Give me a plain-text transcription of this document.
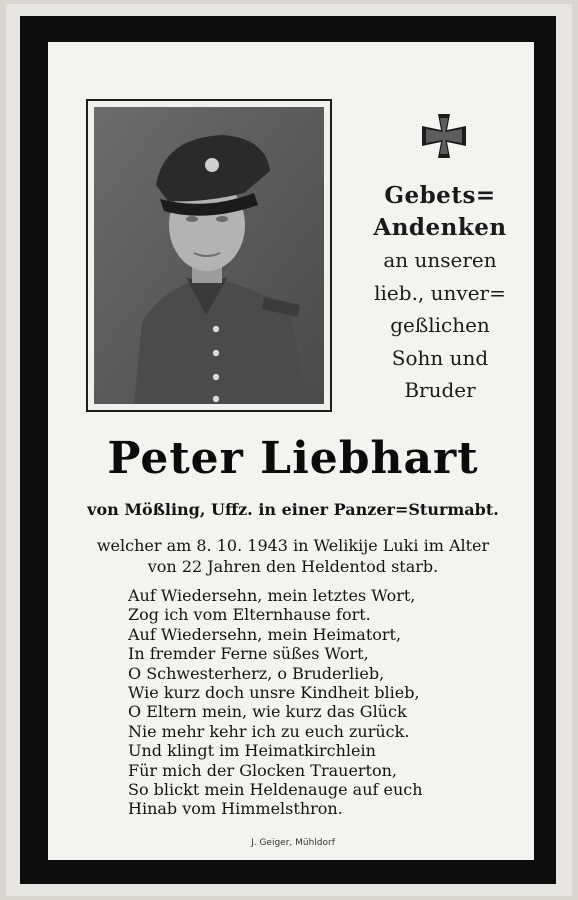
Gebets=
Andenken
an unseren
lieb., unver=
geßlichen
Sohn und
Bruder
Peter Liebhart
von Mößling, Uffz. in einer Panzer=Sturmabt.
welcher am 8. 10. 1943 in Welikije Luki im Alter
von 22 Jahren den Heldentod starb.
Auf Wiedersehn, mein letztes Wort,
Zog ich vom Elternhause fort.
Auf Wiedersehn, mein Heimatort,
In fremder Ferne süßes Wort,
O Schwesterherz, o Bruderlieb,
Wie kurz doch unsre Kindheit blieb,
O Eltern mein, wie kurz das Glück
Nie mehr kehr ich zu euch zurück.
Und klingt im Heimatkirchlein
Für mich der Glocken Trauerton,
So blickt mein Heldenauge auf euch
Hinab vom Himmelsthron.
J. Geiger, Mühldorf
